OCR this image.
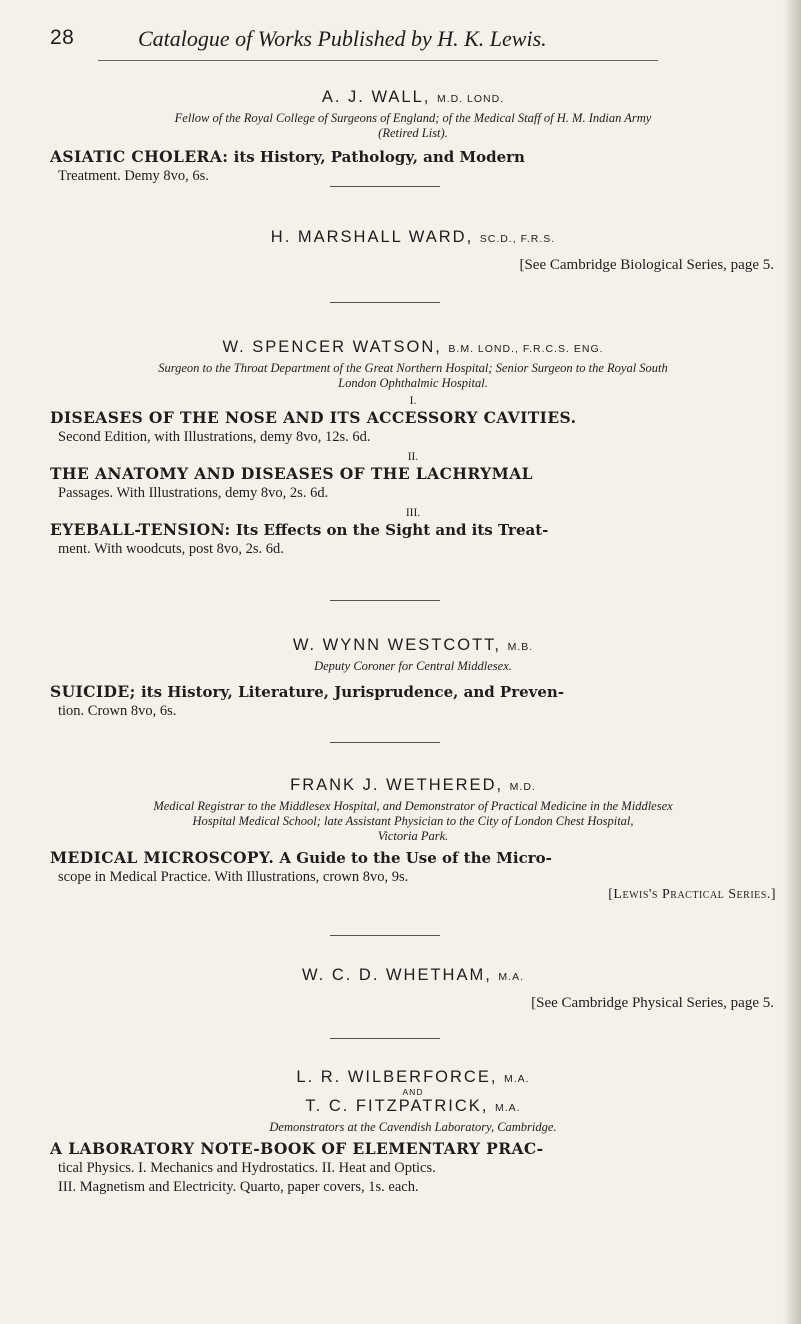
28	Catalogue of Works Published by H. K. Lewis.
A. J. WALL, M.D. LOND.
Fellow of the Royal College of Surgeons of England; of the Medical Staff of H. M. Indian Army
(Retired List).
ASIATIC CHOLERA: its History, Pathology, and Modern
Treatment. Demy 8vo, 6s.
H. MARSHALL WARD, SC.D., F.R.S.
[See Cambridge Biological Series, page 5.
W. SPENCER WATSON, B.M. LOND., F.R.C.S. ENG.
Surgeon to the Throat Department of the Great Northern Hospital; Senior Surgeon to the Royal South
London Ophthalmic Hospital.
I.
DISEASES OF THE NOSE AND ITS ACCESSORY CAVITIES.
Second Edition, with Illustrations, demy 8vo, 12s. 6d.
II.
THE ANATOMY AND DISEASES OF THE LACHRYMAL
Passages. With Illustrations, demy 8vo, 2s. 6d.
III.
EYEBALL-TENSION: Its Effects on the Sight and its Treat-
ment. With woodcuts, post 8vo, 2s. 6d.
W. WYNN WESTCOTT, M.B.
Deputy Coroner for Central Middlesex.
SUICIDE; its History, Literature, Jurisprudence, and Preven-
tion. Crown 8vo, 6s.
FRANK J. WETHERED, M.D.
Medical Registrar to the Middlesex Hospital, and Demonstrator of Practical Medicine in the Middlesex
Hospital Medical School; late Assistant Physician to the City of London Chest Hospital,
Victoria Park.
MEDICAL MICROSCOPY. A Guide to the Use of the Micro-
scope in Medical Practice. With Illustrations, crown 8vo, 9s.
[Lewis's Practical Series.]
W. C. D. WHETHAM, M.A.
[See Cambridge Physical Series, page 5.
L. R. WILBERFORCE, M.A.
AND
T. C. FITZPATRICK, M.A.
Demonstrators at the Cavendish Laboratory, Cambridge.
A LABORATORY NOTE-BOOK OF ELEMENTARY PRAC-
tical Physics. I. Mechanics and Hydrostatics. II. Heat and Optics.
III. Magnetism and Electricity. Quarto, paper covers, 1s. each.
